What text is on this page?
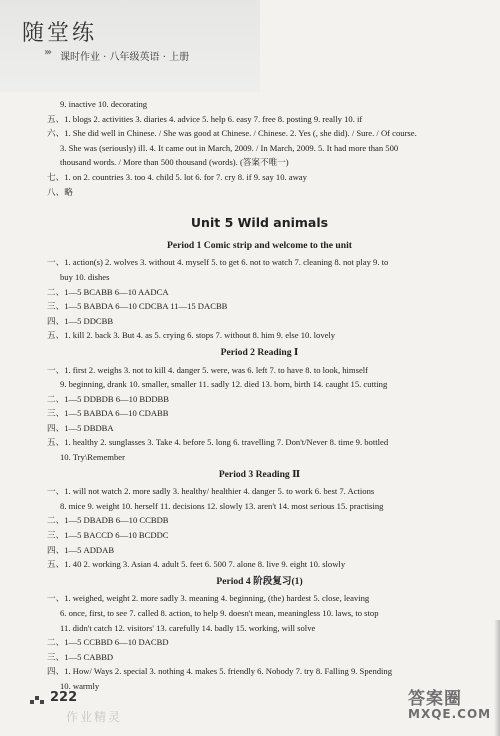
随堂练
››› 课时作业 · 八年级英语 · 上册
9. inactive 10. decorating
五、1. blogs 2. activities 3. diaries 4. advice 5. help 6. easy 7. free 8. posting 9. really 10. if
六、1. She did well in Chinese. / She was good at Chinese. / Chinese. 2. Yes (, she did). / Sure. / Of course.
3. She was (seriously) ill. 4. It came out in March, 2009. / In March, 2009. 5. It had more than 500
thousand words. / More than 500 thousand (words). (答案不唯一)
七、1. on 2. countries 3. too 4. child 5. lot 6. for 7. cry 8. if 9. say 10. away
八、略
Unit 5 Wild animals
Period 1 Comic strip and welcome to the unit
一、1. action(s) 2. wolves 3. without 4. myself 5. to get 6. not to watch 7. cleaning 8. not play 9. to
buy 10. dishes
二、1—5 BCABB 6—10 AADCA
三、1—5 BABDA 6—10 CDCBA 11—15 DACBB
四、1—5 DDCBB
五、1. kill 2. back 3. But 4. as 5. crying 6. stops 7. without 8. him 9. else 10. lovely
Period 2 Reading Ⅰ
一、1. first 2. weighs 3. not to kill 4. danger 5. were, was 6. left 7. to have 8. to look, himself
9. beginning, drank 10. smaller, smaller 11. sadly 12. died 13. born, birth 14. caught 15. cutting
二、1—5 DDBDB 6—10 BDDBB
三、1—5 BABDA 6—10 CDABB
四、1—5 DBDBA
五、1. healthy 2. sunglasses 3. Take 4. before 5. long 6. travelling 7. Don't/Never 8. time 9. bottled
10. Try\Remember
Period 3 Reading Ⅱ
一、1. will not watch 2. more sadly 3. healthy/ healthier 4. danger 5. to work 6. best 7. Actions
8. mice 9. weight 10. herself 11. decisions 12. slowly 13. aren't 14. most serious 15. practising
二、1—5 DBADB 6—10 CCBDB
三、1—5 BACCD 6—10 BCDDC
四、1—5 ADDAB
五、1. 40 2. working 3. Asian 4. adult 5. feet 6. 500 7. alone 8. live 9. eight 10. slowly
Period 4 阶段复习(1)
一、1. weighed, weight 2. more sadly 3. meaning 4. beginning, (the) hardest 5. close, leaving
6. once, first, to see 7. called 8. action, to help 9. doesn't mean, meaningless 10. laws, to stop
11. didn't catch 12. visitors' 13. carefully 14. badly 15. working, will solve
二、1—5 CCBBD 6—10 DACBD
三、1—5 CABBD
四、1. How/ Ways 2. special 3. nothing 4. makes 5. friendly 6. Nobody 7. try 8. Falling 9. Spending
10. warmly
222
作业精灵
答案圈
MXQE.COM
